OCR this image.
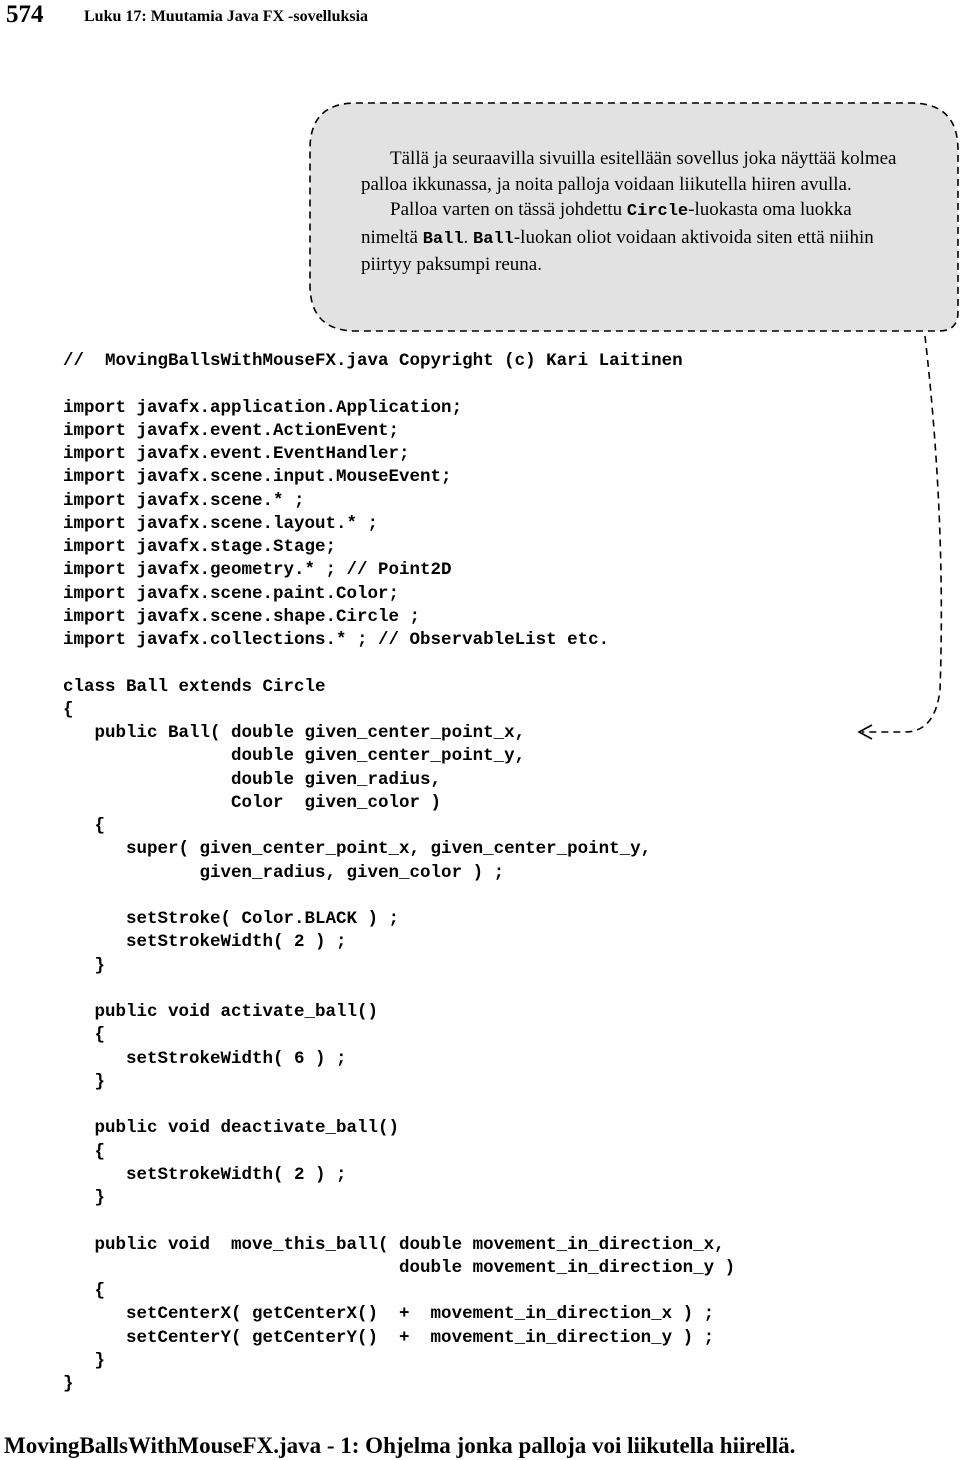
574	Luku 17: Muutamia Java FX -sovelluksia
Tällä ja seuraavilla sivuilla esitellään sovellus joka näyttää kolmea palloa ikkunassa, ja noita palloja voidaan liikutella hiiren avulla.
Palloa varten on tässä johdettu Circle-luokasta oma luokka nimeltä Ball. Ball-luokan oliot voidaan aktivoida siten että niihin piirtyy paksumpi reuna.
//  MovingBallsWithMouseFX.java Copyright (c) Kari Laitinen
import javafx.application.Application;
import javafx.event.ActionEvent;
import javafx.event.EventHandler;
import javafx.scene.input.MouseEvent;
import javafx.scene.* ;
import javafx.scene.layout.* ;
import javafx.stage.Stage;
import javafx.geometry.* ; // Point2D
import javafx.scene.paint.Color;
import javafx.scene.shape.Circle ;
import javafx.collections.* ; // ObservableList etc.
class Ball extends Circle
{
public Ball( double given_center_point_x,
double given_center_point_y,
double given_radius,
Color  given_color )
{
super( given_center_point_x, given_center_point_y,
given_radius, given_color ) ;
setStroke( Color.BLACK ) ;
setStrokeWidth( 2 ) ;
}
public void activate_ball()
{
setStrokeWidth( 6 ) ;
}
public void deactivate_ball()
{
setStrokeWidth( 2 ) ;
}
public void  move_this_ball( double movement_in_direction_x,
double movement_in_direction_y )
{
setCenterX( getCenterX()  +  movement_in_direction_x ) ;
setCenterY( getCenterY()  +  movement_in_direction_y ) ;
}
}
MovingBallsWithMouseFX.java - 1: Ohjelma jonka palloja voi liikutella hiirellä.
